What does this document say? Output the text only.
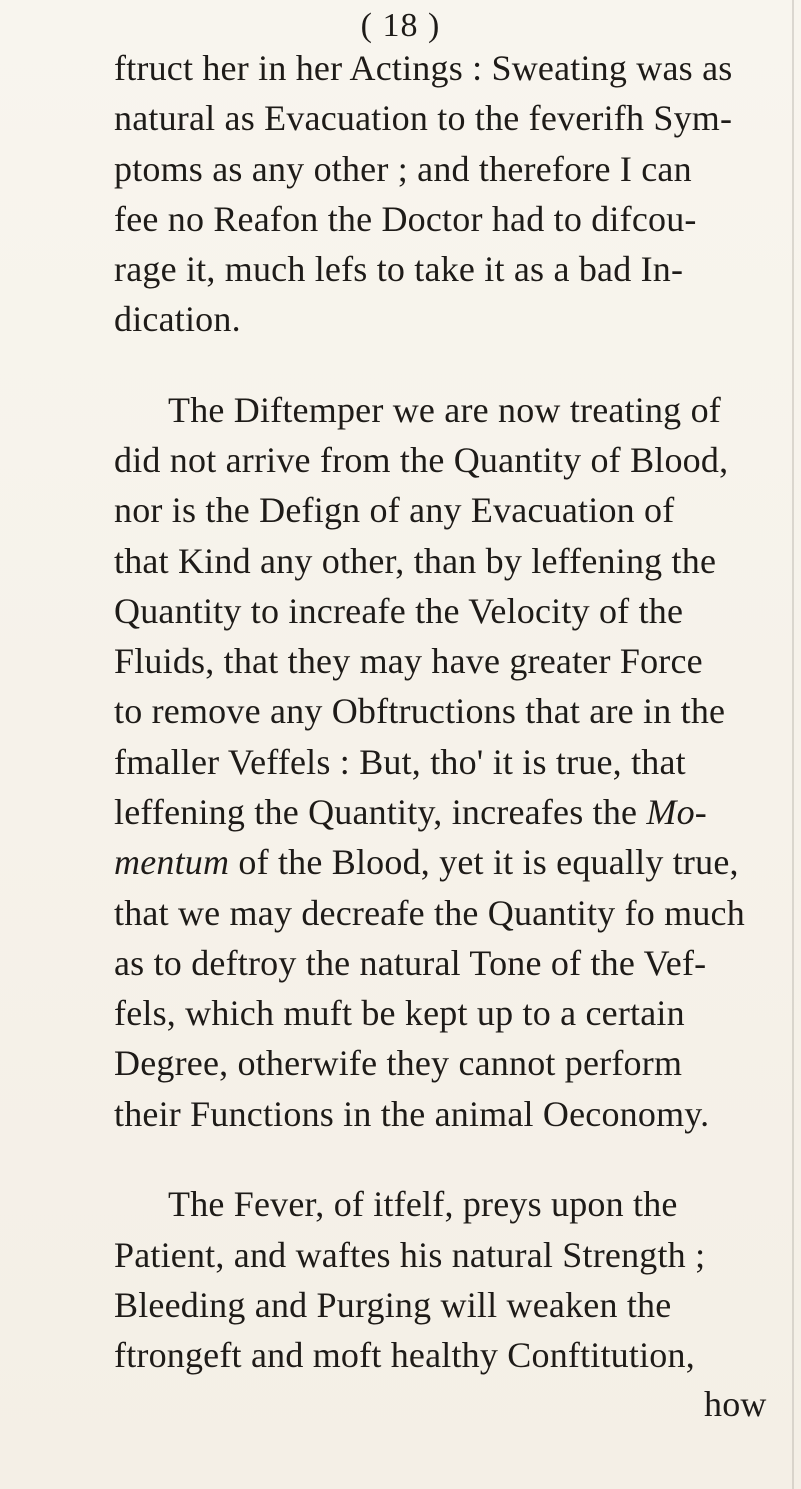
( 18 )
ftruct her in her Actings : Sweating was as
natural as Evacuation to the feverifh Sym-
ptoms as any other ; and therefore I can
fee no Reafon the Doctor had to difcou-
rage it, much lefs to take it as a bad In-
dication.
The Diftemper we are now treating of
did not arrive from the Quantity of Blood,
nor is the Defign of any Evacuation of
that Kind any other, than by leffening the
Quantity to increafe the Velocity of the
Fluids, that they may have greater Force
to remove any Obftructions that are in the
fmaller Veffels : But, tho' it is true, that
leffening the Quantity, increafes the Mo-
mentum of the Blood, yet it is equally true,
that we may decreafe the Quantity fo much
as to deftroy the natural Tone of the Vef-
fels, which muft be kept up to a certain
Degree, otherwife they cannot perform
their Functions in the animal Oeconomy.
The Fever, of itfelf, preys upon the
Patient, and waftes his natural Strength ;
Bleeding and Purging will weaken the
ftrongeft and moft healthy Conftitution,
how
